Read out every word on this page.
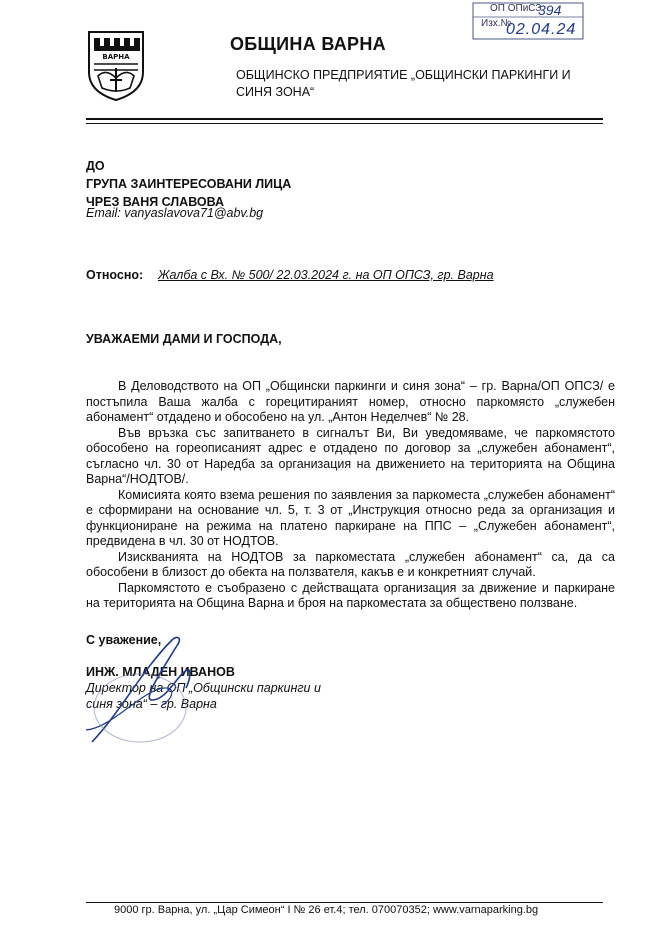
ВАРНА
ОБЩИНА ВАРНА
ОБЩИНСКО ПРЕДПРИЯТИЕ „ОБЩИНСКИ ПАРКИНГИ И СИНЯ ЗОНА“
ОП ОПиСЗ
Изх.№
394
02.04.24
ДО
ГРУПА ЗАИНТЕРЕСОВАНИ ЛИЦА
ЧРЕЗ ВАНЯ СЛАВОВА
Email: vanyaslavova71@abv.bg
Относно: Жалба с Вх. № 500/ 22.03.2024 г. на ОП ОПСЗ, гр. Варна
УВАЖАЕМИ ДАМИ И ГОСПОДА,

В Деловодството на ОП „Общински паркинги и синя зона“ – гр. Варна/ОП ОПСЗ/ е постъпила Ваша жалба с горецитираният номер, относно паркомясто „служебен абонамент“ отдадено и обособено на ул. „Антон Неделчев“ № 28.

Във връзка със запитването в сигналът Ви, Ви уведомяваме, че паркомястото обособено на гореописаният адрес е отдадено по договор за „служебен абонамент“, съгласно чл. 30 от Наредба за организация на движението на територията на Община Варна“/НОДТОВ/.

Комисията която взема решения по заявления за паркоместа „служебен абонамент“ е сформирани на основание чл. 5, т. 3 от „Инструкция относно реда за организация и функциониране на режима на платено паркиране на ППС – „Служебен абонамент“, предвидена в чл. 30 от НОДТОВ.

Изискванията на НОДТОВ за паркоместата „служебен абонамент“ са, да са обособени в близост до обекта на ползвателя, какъв е и конкретният случай.

Паркомястото е съобразено с действащата организация за движение и паркиране на територията на Община Варна и броя на паркоместата за обществено ползване.

С уважение,
ИНЖ. МЛАДЕН ИВАНОВ
Директор на ОП „Общински паркинги и синя зона“ – гр. Варна
9000 гр. Варна, ул. „Цар Симеон“ I № 26 ет.4; тел. 070070352; www.varnaparking.bg
